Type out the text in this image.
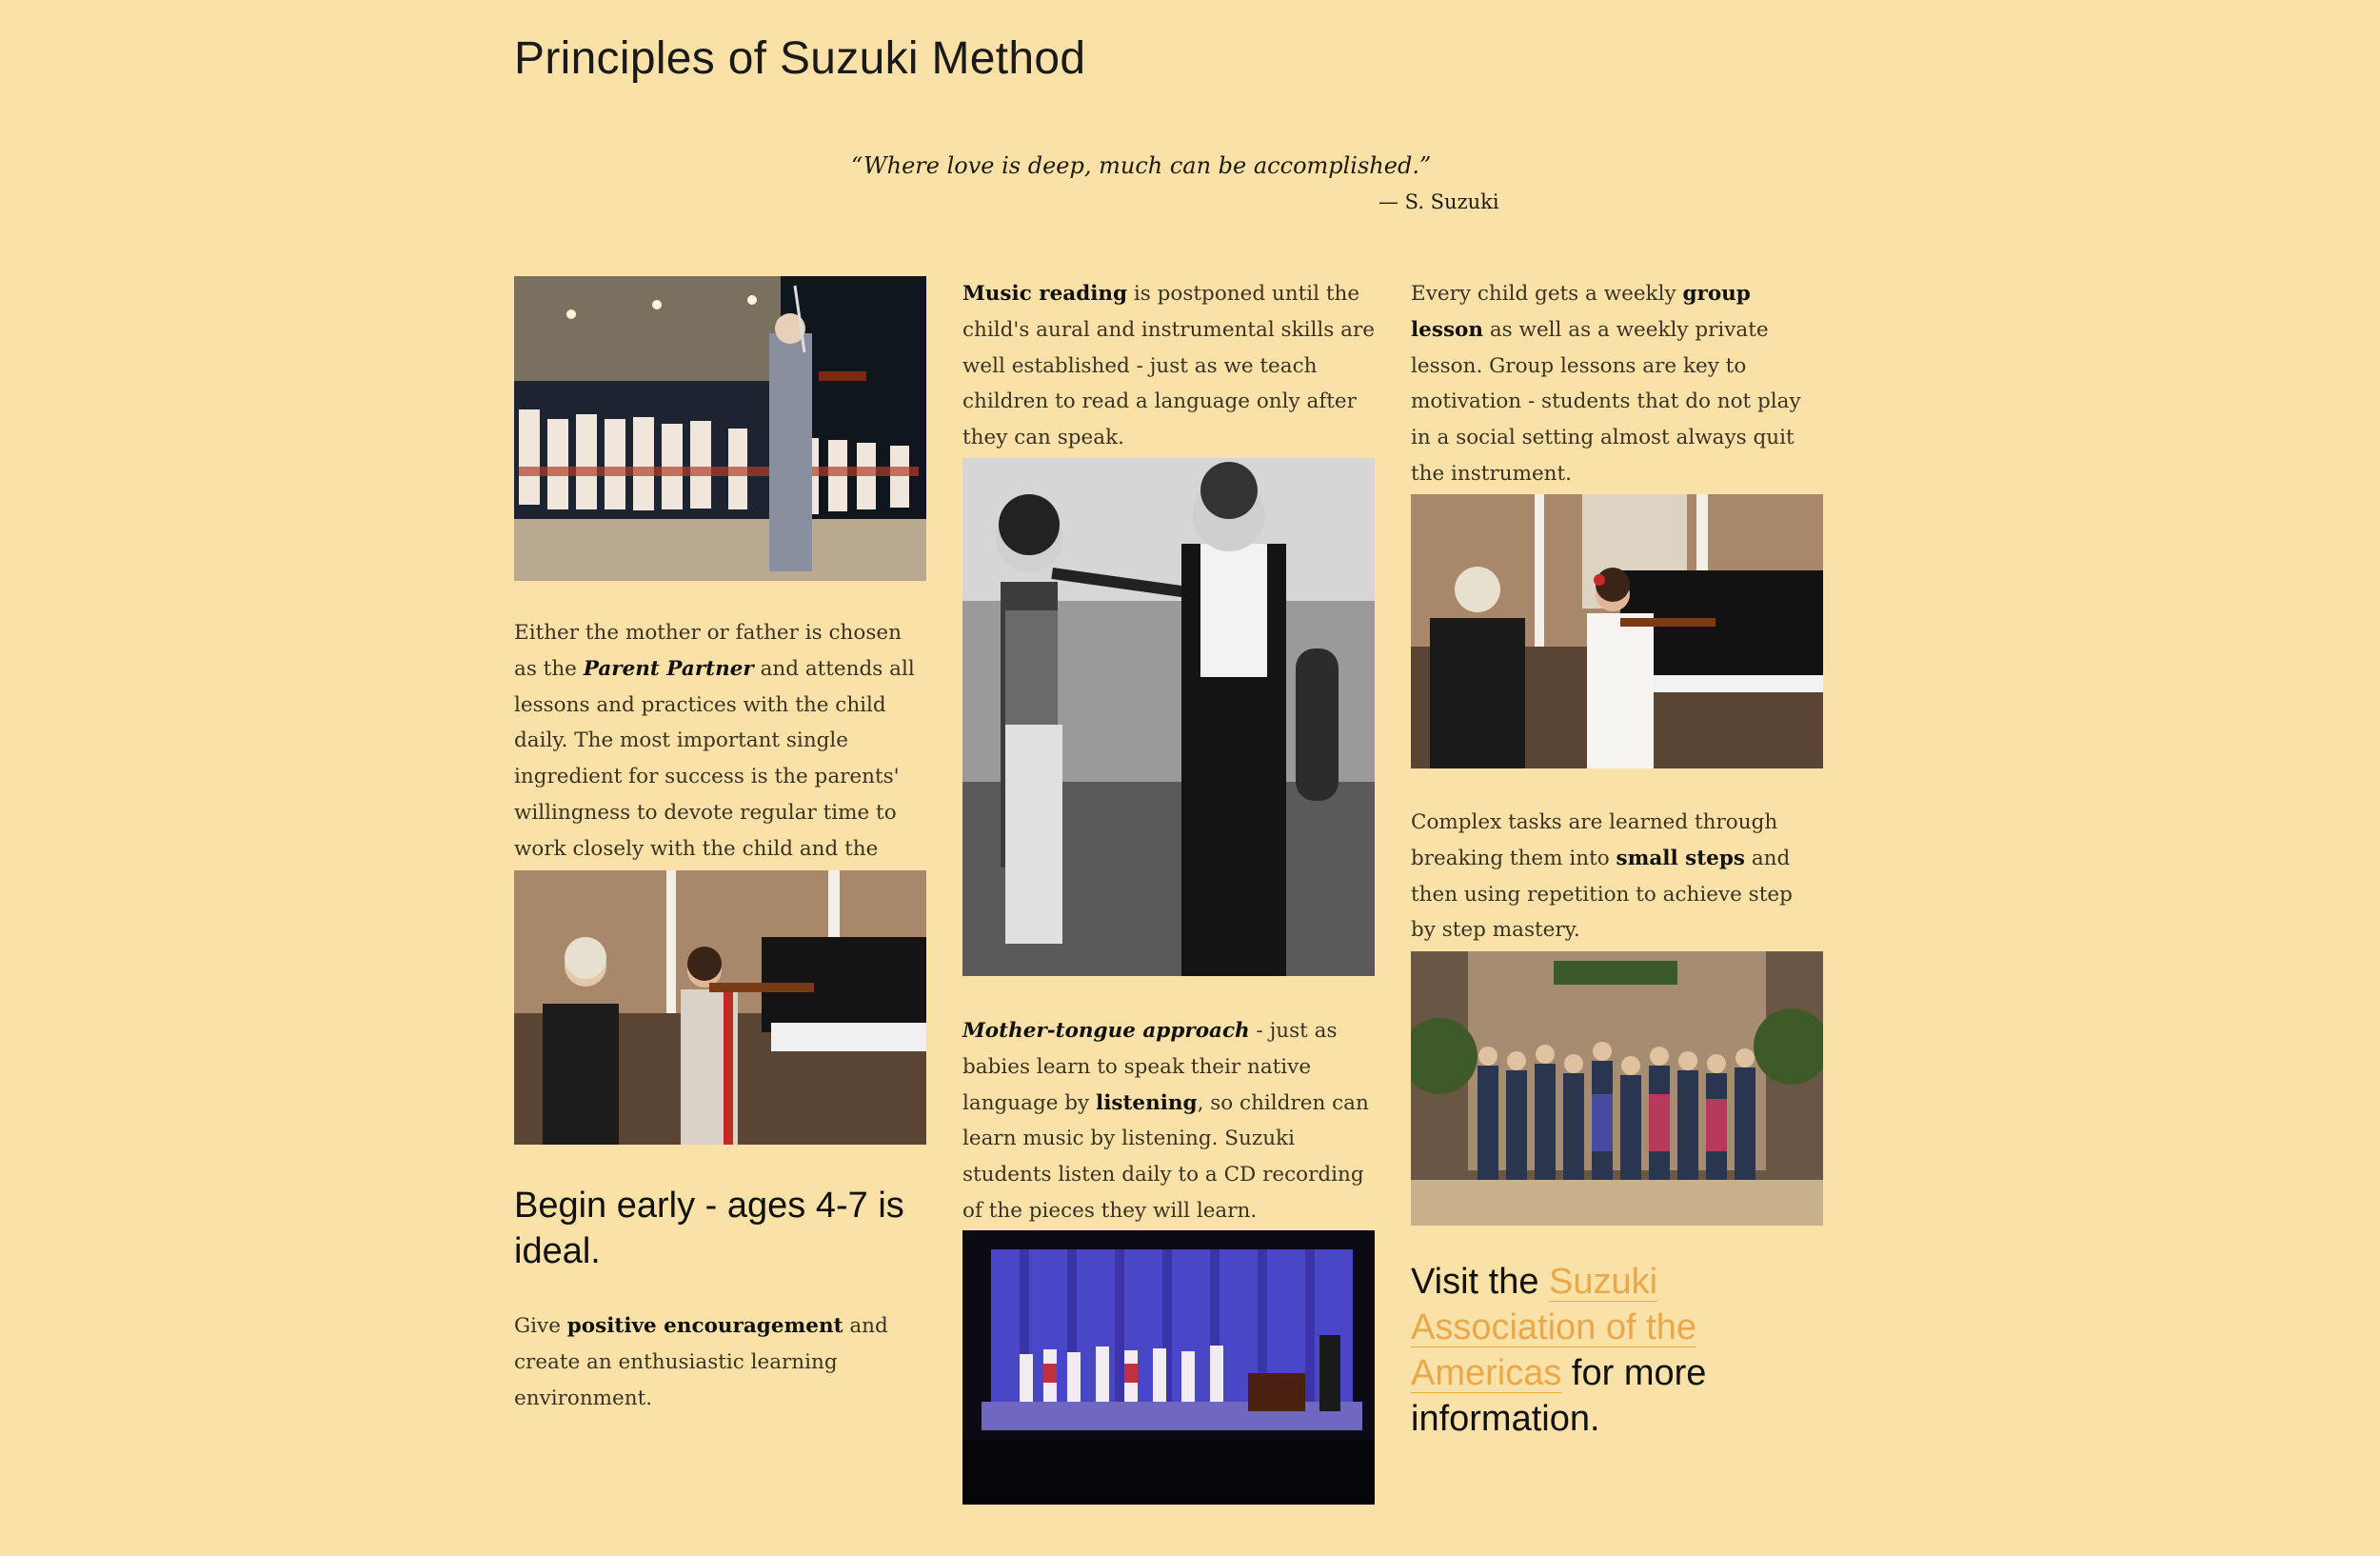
Principles of Suzuki Method

“Where love is deep, much can be accomplished.”

— S. Suzuki

Either the mother or father is chosen as the Parent Partner and attends all lessons and practices with the child daily. The most important single ingredient for success is the parents' willingness to devote regular time to work closely with the child and the

Begin early - ages 4-7 is ideal.

Give positive encouragement and create an enthusiastic learning environment.

Music reading is postponed until the child's aural and instrumental skills are well established - just as we teach children to read a language only after they can speak.

Mother-tongue approach - just as babies learn to speak their native language by listening, so children can learn music by listening. Suzuki students listen daily to a CD recording of the pieces they will learn.

Every child gets a weekly group lesson as well as a weekly private lesson. Group lessons are key to motivation - students that do not play in a social setting almost always quit the instrument.

Complex tasks are learned through breaking them into small steps and then using repetition to achieve step by step mastery.

Visit the Suzuki Association of the Americas for more information.
